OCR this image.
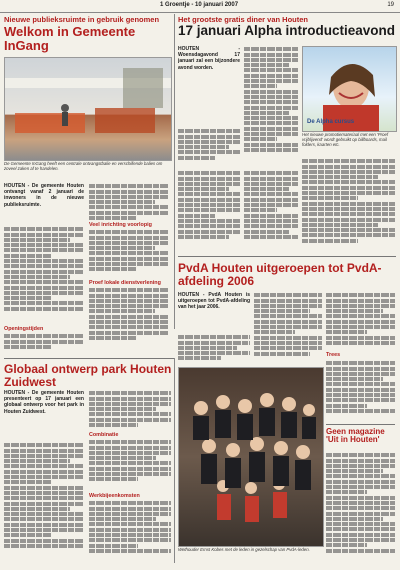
1 Groentje - 10 januari 2007	19
Nieuwe publieksruimte in gebruik genomen
Welkom in Gemeente InGang
De Gemeente InGang heeft een centrale ontvangstbalie en verschillende balies om zoveel zaken af te handelen.
HOUTEN - De gemeente Houten ontvangt vanaf 2 januari de inwoners in de nieuwe publieksruimte.
Openingstijden
Veel inrichting voorlopig
Proef lokale dienstverlening
Het grootste gratis diner van Houten
17 januari Alpha introductieavond
HOUTEN - Woensdagavond 17 januari zal een bijzondere avond worden.
De Alpha cursus
Het nieuwe promotiemateriaal met een 'Proef vrijblijvend' wordt gebruikt op billboards, mail folders, kaarten etc.
PvdA Houten uitgeroepen tot PvdA-afdeling 2006
HOUTEN - PvdA Houten is uitgeroepen tot PvdA-afdeling van het jaar 2006.
Trees
Wethouder Ernst Kobes met de leden in gezelschap van PvdA-leden.
Geen magazine 'Uit in Houten'
Globaal ontwerp park Houten Zuidwest
HOUTEN - De gemeente Houten presenteert op 17 januari een globaal ontwerp voor het park in Houten Zuidwest.
Combinatie
Werkbijeenkomsten
